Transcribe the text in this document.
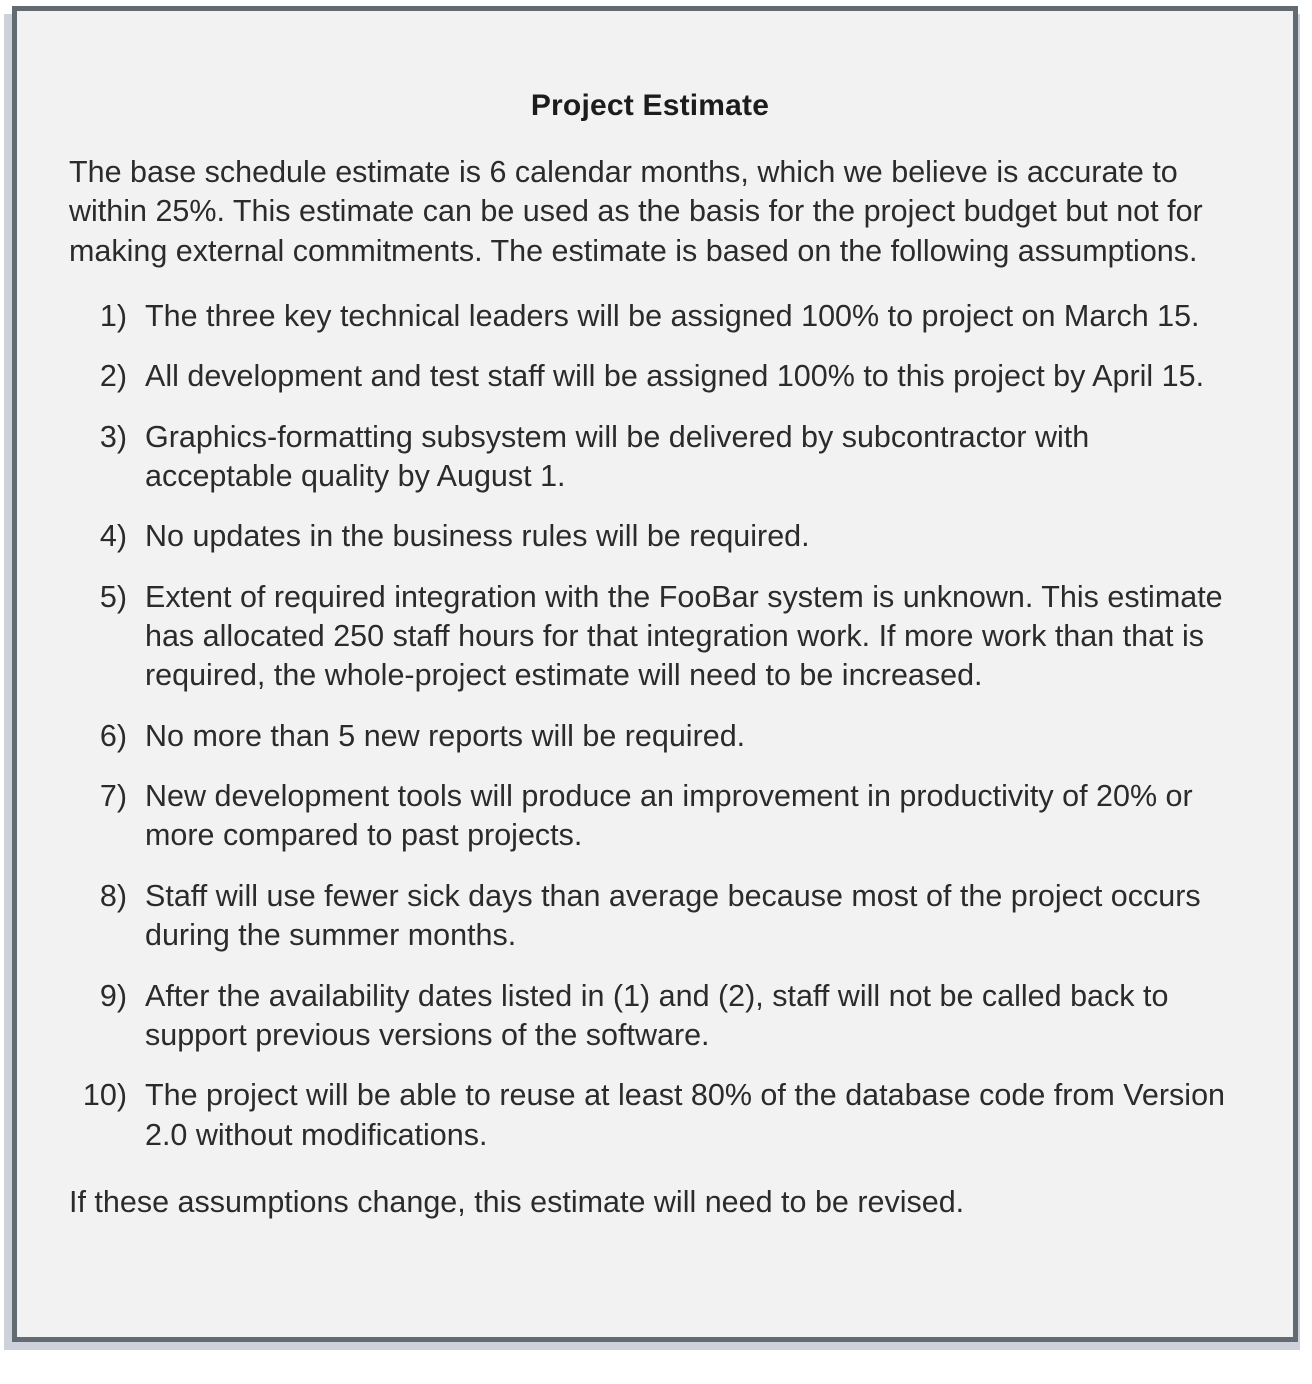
Project Estimate

The base schedule estimate is 6 calendar months, which we believe is accurate to within 25%. This estimate can be used as the basis for the project budget but not for making external commitments. The estimate is based on the following assumptions.

1) The three key technical leaders will be assigned 100% to project on March 15.
2) All development and test staff will be assigned 100% to this project by April 15.
3) Graphics-formatting subsystem will be delivered by subcontractor with acceptable quality by August 1.
4) No updates in the business rules will be required.
5) Extent of required integration with the FooBar system is unknown. This estimate has allocated 250 staff hours for that integration work. If more work than that is required, the whole-project estimate will need to be increased.
6) No more than 5 new reports will be required.
7) New development tools will produce an improvement in productivity of 20% or more compared to past projects.
8) Staff will use fewer sick days than average because most of the project occurs during the summer months.
9) After the availability dates listed in (1) and (2), staff will not be called back to support previous versions of the software.
10) The project will be able to reuse at least 80% of the database code from Version 2.0 without modifications.

If these assumptions change, this estimate will need to be revised.
